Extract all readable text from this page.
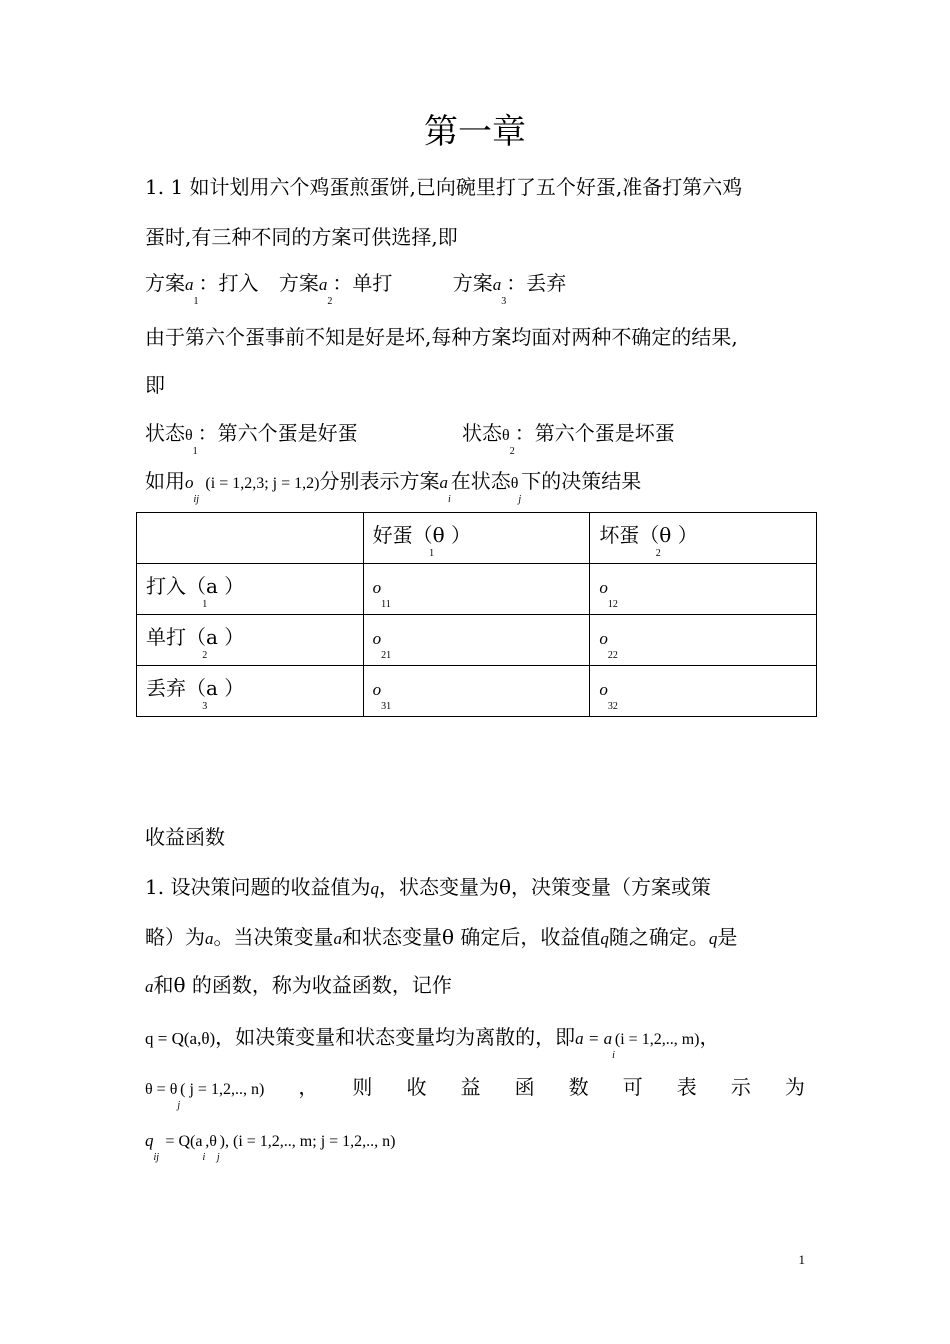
第一章
1. 1 如计划用六个鸡蛋煎蛋饼,已向碗里打了五个好蛋,准备打第六鸡
蛋时,有三种不同的方案可供选择,即
方案$a_1$：打入 方案$a_2$：单打	方案$a_3$：丢弃
由于第六个蛋事前不知是好是坏,每种方案均面对两种不确定的结果,
即
状态$\theta_1$：第六个蛋是好蛋	状态$\theta_2$：第六个蛋是坏蛋
如用$o_{ij}$ (i = 1,2,3; j = 1,2)分别表示方案$a_i$在状态$\theta_j$下的决策结果
	好蛋（θ ）$_1$	坏蛋（θ ）$_2$
打入（a ）$_1$	$o_{11}$	$o_{12}$
单打（a ）$_2$	$o_{21}$	$o_{22}$
丢弃（a ）$_3$	$o_{31}$	$o_{32}$
收益函数
1. 设决策问题的收益值为q，状态变量为θ，决策变量（方案或策
略）为a。当决策变量a和状态变量θ 确定后，收益值q随之确定。q是
a和θ 的函数，称为收益函数，记作
q = Q(a,θ)，如决策变量和状态变量均为离散的，即$a = a_i(i = 1,2$,.., m)，
$\theta = \theta_j$( j = 1,2,.., n) ， 则 收 益 函 数 可 表 示 为
$q_{ij} = Q(a_i,\theta_j)$, (i = 1,2,.., m; j = 1,2,.., n)
1
